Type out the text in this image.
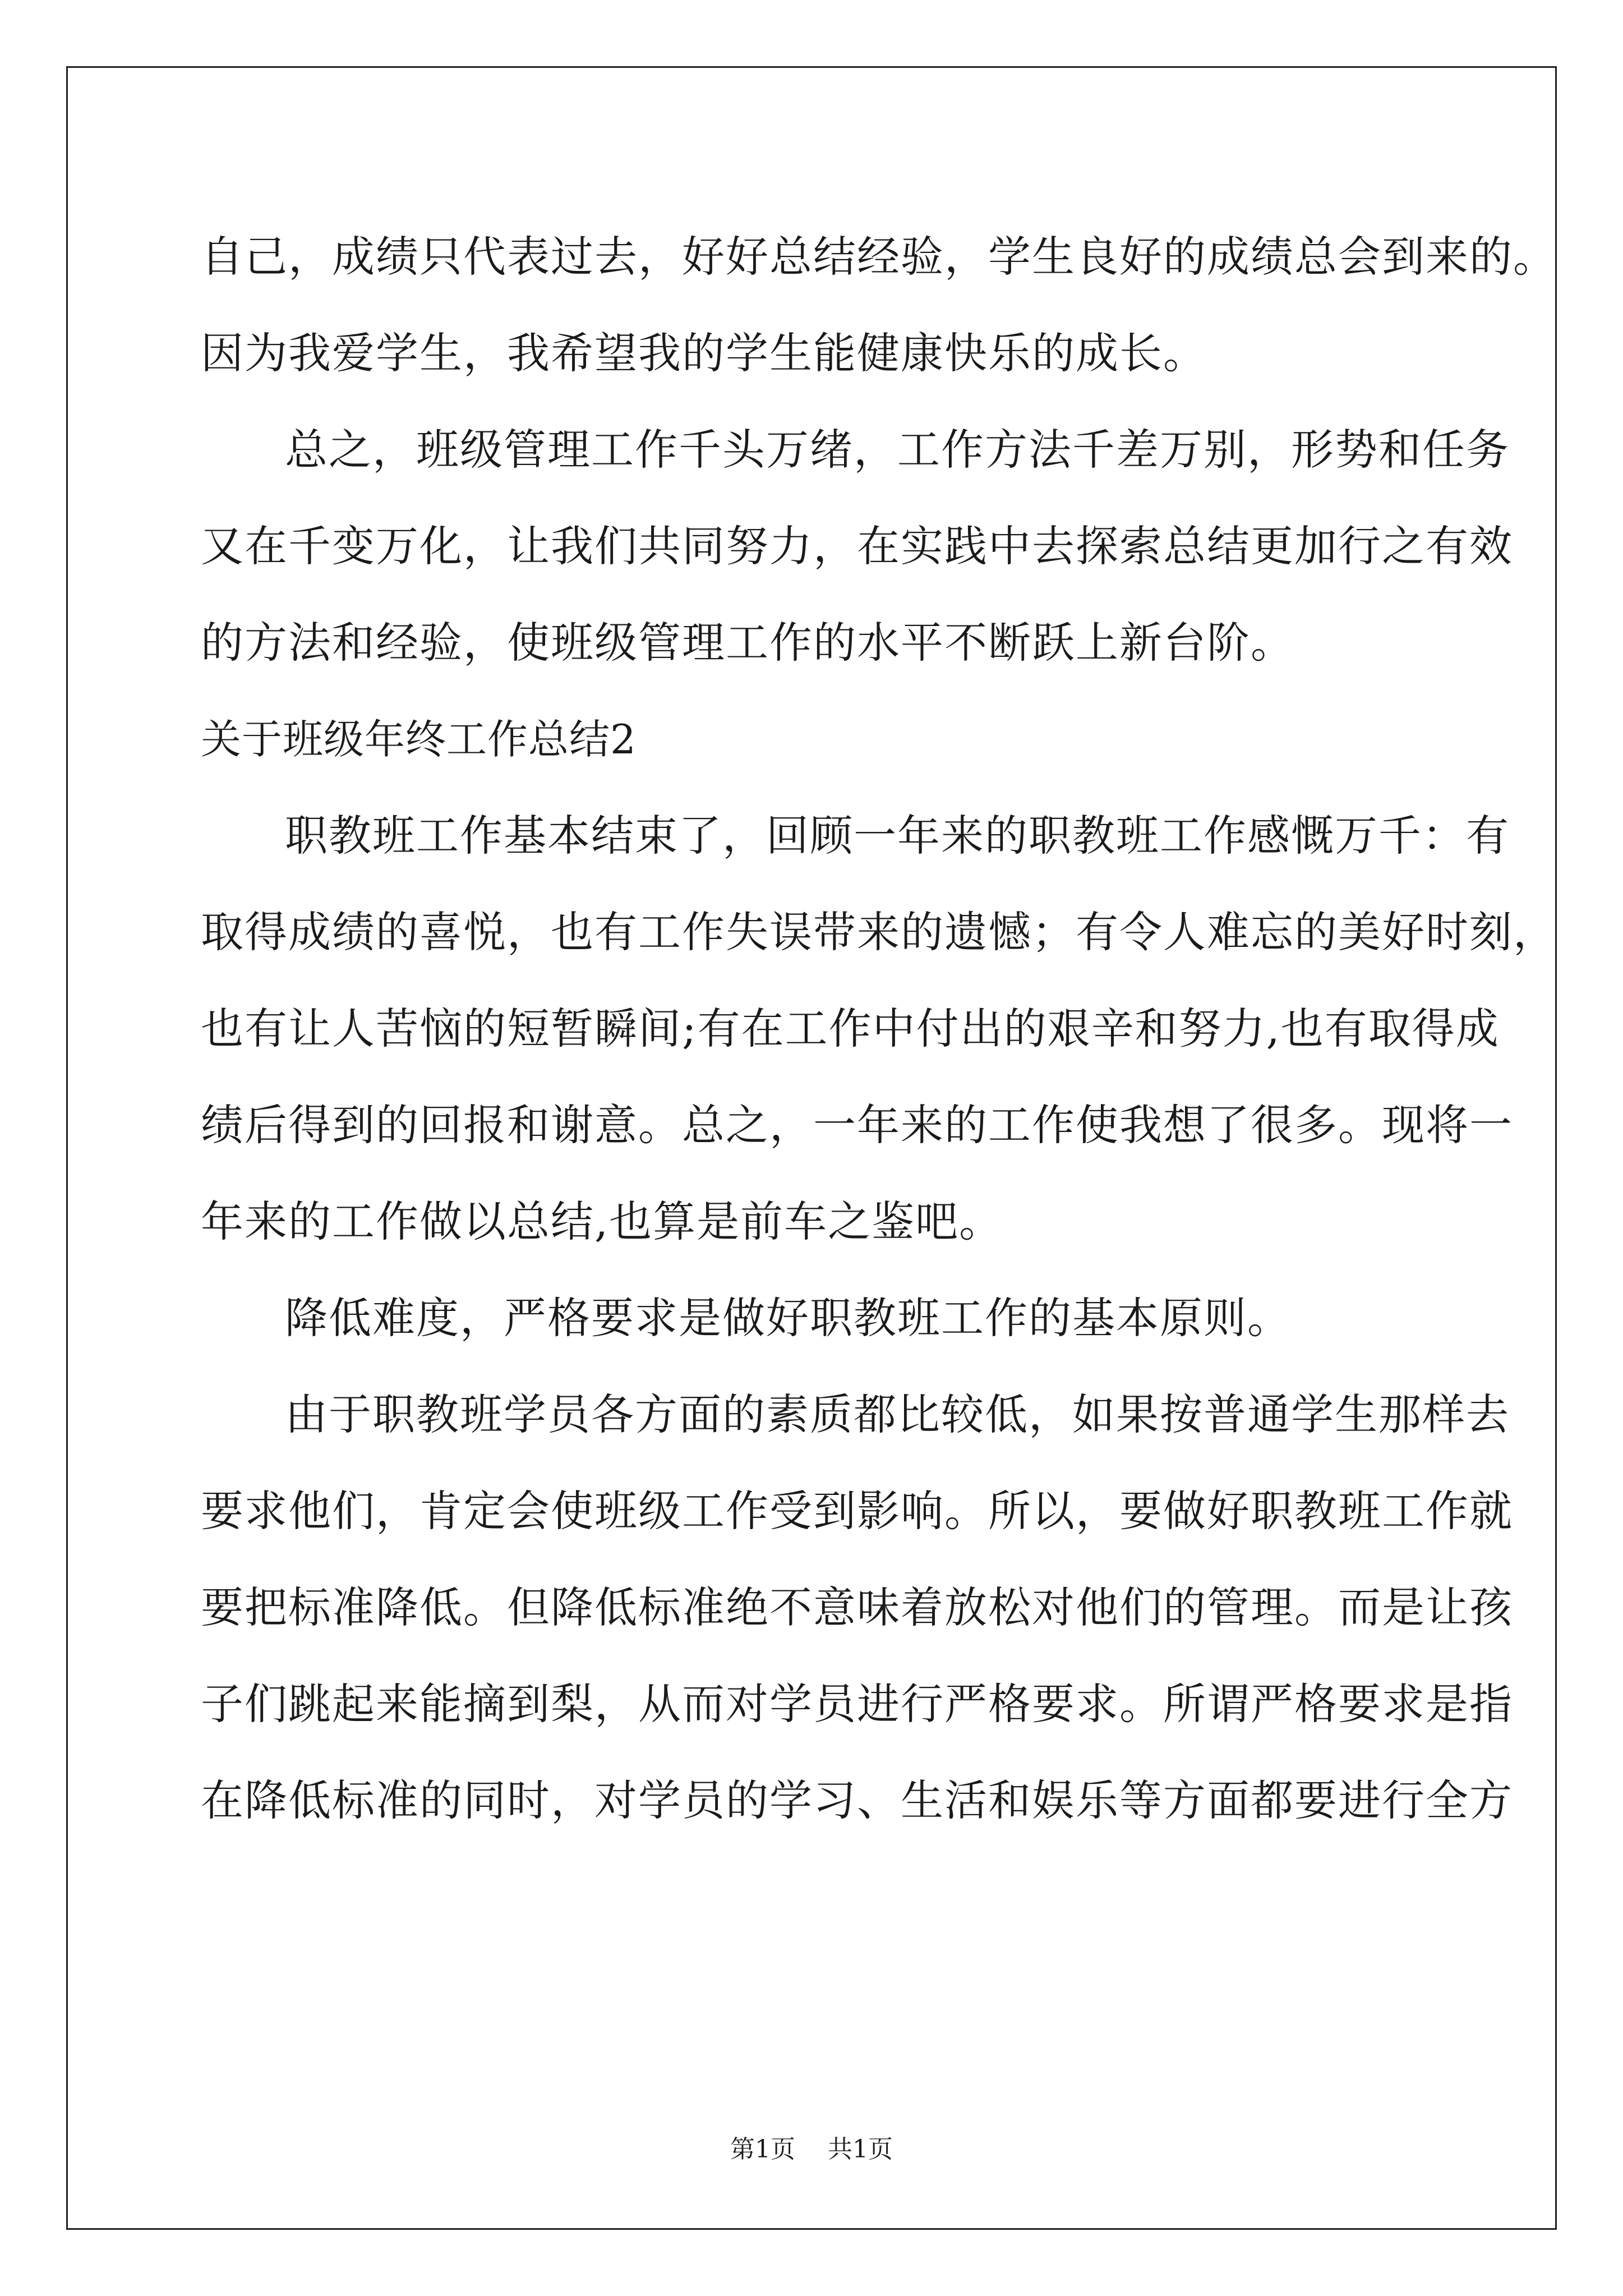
自己，成绩只代表过去，好好总结经验，学生良好的成绩总会到来的。
因为我爱学生，我希望我的学生能健康快乐的成长。
总之，班级管理工作千头万绪，工作方法千差万别，形势和任务
又在千变万化，让我们共同努力，在实践中去探索总结更加行之有效
的方法和经验，使班级管理工作的水平不断跃上新台阶。
关于班级年终工作总结2
职教班工作基本结束了，回顾一年来的职教班工作感慨万千：有
取得成绩的喜悦，也有工作失误带来的遗憾；有令人难忘的美好时刻，
也有让人苦恼的短暂瞬间;有在工作中付出的艰辛和努力,也有取得成
绩后得到的回报和谢意。总之，一年来的工作使我想了很多。现将一
年来的工作做以总结,也算是前车之鉴吧。
降低难度，严格要求是做好职教班工作的基本原则。
由于职教班学员各方面的素质都比较低，如果按普通学生那样去
要求他们，肯定会使班级工作受到影响。所以，要做好职教班工作就
要把标准降低。但降低标准绝不意味着放松对他们的管理。而是让孩
子们跳起来能摘到梨，从而对学员进行严格要求。所谓严格要求是指
在降低标准的同时，对学员的学习、生活和娱乐等方面都要进行全方
第1页 共1页
